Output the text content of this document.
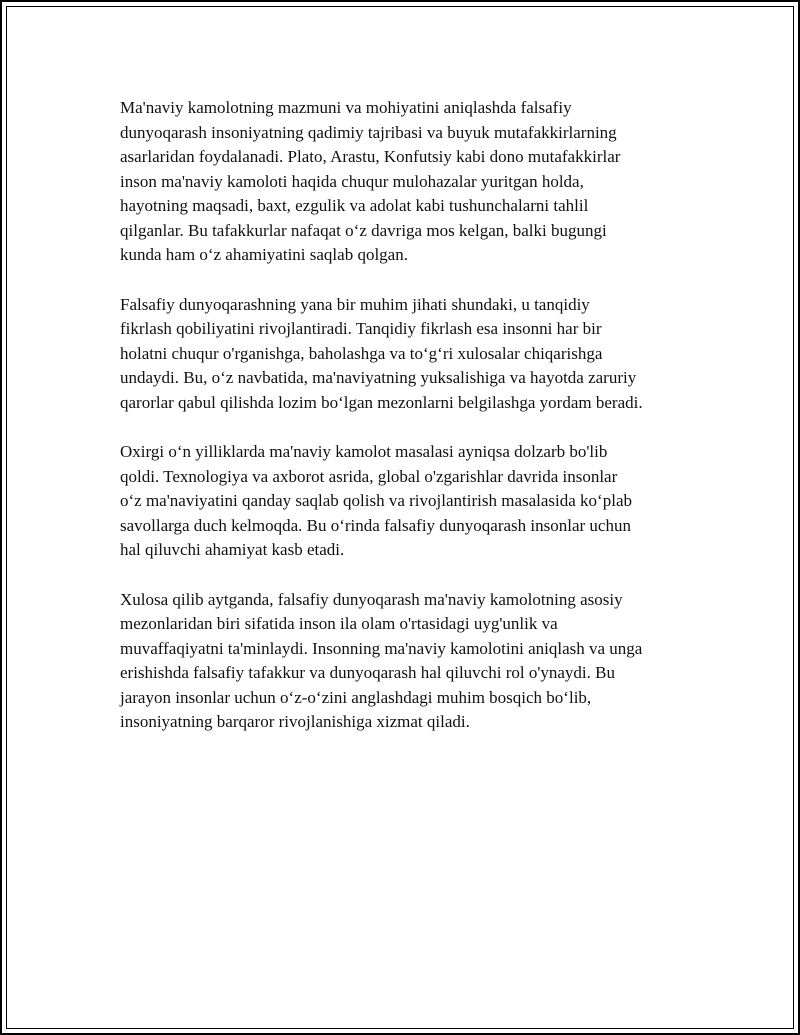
Ma'naviy kamolotning mazmuni va mohiyatini aniqlashda falsafiy
dunyoqarash insoniyatning qadimiy tajribasi va buyuk mutafakkirlarning
asarlaridan foydalanadi. Plato, Arastu, Konfutsiy kabi dono mutafakkirlar
inson ma'naviy kamoloti haqida chuqur mulohazalar yuritgan holda,
hayotning maqsadi, baxt, ezgulik va adolat kabi tushunchalarni tahlil
qilganlar. Bu tafakkurlar nafaqat o‘z davriga mos kelgan, balki bugungi
kunda ham o‘z ahamiyatini saqlab qolgan.

Falsafiy dunyoqarashning yana bir muhim jihati shundaki, u tanqidiy
fikrlash qobiliyatini rivojlantiradi. Tanqidiy fikrlash esa insonni har bir
holatni chuqur o'rganishga, baholashga va to‘g‘ri xulosalar chiqarishga
undaydi. Bu, o‘z navbatida, ma'naviyatning yuksalishiga va hayotda zaruriy
qarorlar qabul qilishda lozim bo‘lgan mezonlarni belgilashga yordam beradi.

Oxirgi o‘n yilliklarda ma'naviy kamolot masalasi ayniqsa dolzarb bo'lib
qoldi. Texnologiya va axborot asrida, global o'zgarishlar davrida insonlar
o‘z ma'naviyatini qanday saqlab qolish va rivojlantirish masalasida ko‘plab
savollarga duch kelmoqda. Bu o‘rinda falsafiy dunyoqarash insonlar uchun
hal qiluvchi ahamiyat kasb etadi.

Xulosa qilib aytganda, falsafiy dunyoqarash ma'naviy kamolotning asosiy
mezonlaridan biri sifatida inson ila olam o'rtasidagi uyg'unlik va
muvaffaqiyatni ta'minlaydi. Insonning ma'naviy kamolotini aniqlash va unga
erishishda falsafiy tafakkur va dunyoqarash hal qiluvchi rol o'ynaydi. Bu
jarayon insonlar uchun o‘z-o‘zini anglashdagi muhim bosqich bo‘lib,
insoniyatning barqaror rivojlanishiga xizmat qiladi.
